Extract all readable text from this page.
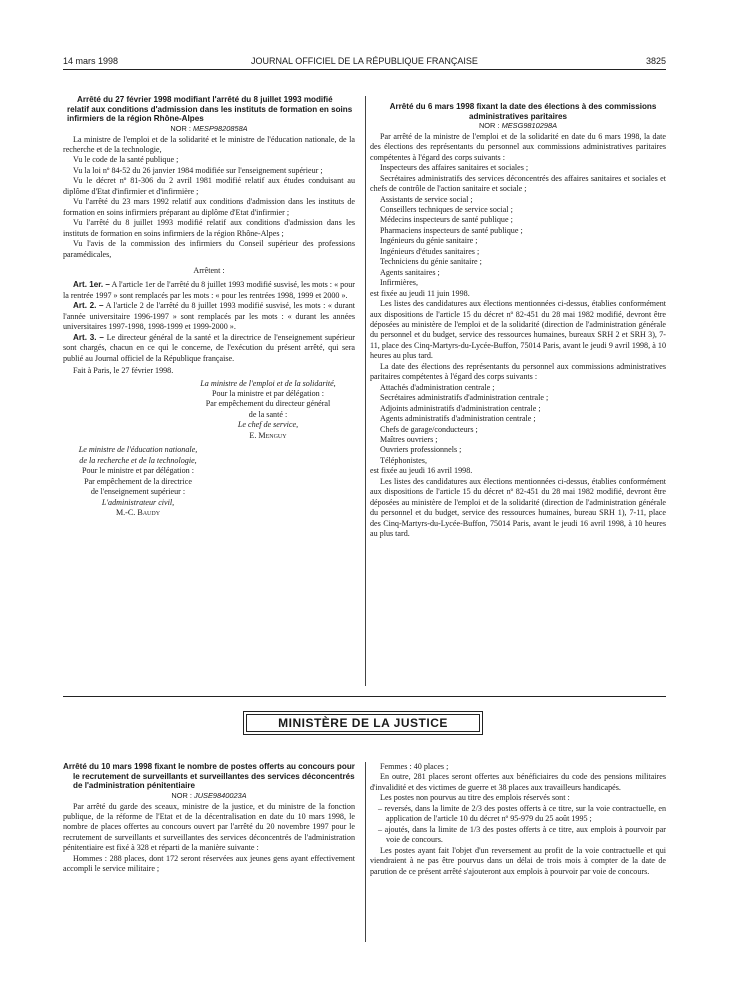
14 mars 1998	JOURNAL OFFICIEL DE LA RÉPUBLIQUE FRANÇAISE	3825

Arrêté du 27 février 1998 modifiant l'arrêté du 8 juillet 1993 modifié relatif aux conditions d'admission dans les instituts de formation en soins infirmiers de la région Rhône-Alpes

NOR : MESP9820858A

La ministre de l'emploi et de la solidarité et le ministre de l'éducation nationale, de la recherche et de la technologie,

Vu le code de la santé publique ;

Vu la loi nº 84-52 du 26 janvier 1984 modifiée sur l'enseignement supérieur ;

Vu le décret nº 81-306 du 2 avril 1981 modifié relatif aux études conduisant au diplôme d'Etat d'infirmier et d'infirmière ;

Vu l'arrêté du 23 mars 1992 relatif aux conditions d'admission dans les instituts de formation en soins infirmiers préparant au diplôme d'Etat d'infirmier ;

Vu l'arrêté du 8 juillet 1993 modifié relatif aux conditions d'admission dans les instituts de formation en soins infirmiers de la région Rhône-Alpes ;

Vu l'avis de la commission des infirmiers du Conseil supérieur des professions paramédicales,

Arrêtent :

Art. 1er. – A l'article 1er de l'arrêté du 8 juillet 1993 modifié susvisé, les mots : « pour la rentrée 1997 » sont remplacés par les mots : « pour les rentrées 1998, 1999 et 2000 ».

Art. 2. – A l'article 2 de l'arrêté du 8 juillet 1993 modifié susvisé, les mots : « durant l'année universitaire 1996-1997 » sont remplacés par les mots : « durant les années universitaires 1997-1998, 1998-1999 et 1999-2000 ».

Art. 3. – Le directeur général de la santé et la directrice de l'enseignement supérieur sont chargés, chacun en ce qui le concerne, de l'exécution du présent arrêté, qui sera publié au Journal officiel de la République française.

Fait à Paris, le 27 février 1998.

La ministre de l'emploi et de la solidarité,

Pour la ministre et par délégation :

Par empêchement du directeur général

de la santé :

Le chef de service,

E. Menguy

Le ministre de l'éducation nationale,

de la recherche et de la technologie,

Pour le ministre et par délégation :

Par empêchement de la directrice

de l'enseignement supérieur :

L'administrateur civil,

M.-C. Baudy

Arrêté du 6 mars 1998 fixant la date des élections à des commissions administratives paritaires

NOR : MESG9810298A

Par arrêté de la ministre de l'emploi et de la solidarité en date du 6 mars 1998, la date des élections des représentants du personnel aux commissions administratives paritaires compétentes à l'égard des corps suivants :

Inspecteurs des affaires sanitaires et sociales ;

Secrétaires administratifs des services déconcentrés des affaires sanitaires et sociales et chefs de contrôle de l'action sanitaire et sociale ;

Assistants de service social ;

Conseillers techniques de service social ;

Médecins inspecteurs de santé publique ;

Pharmaciens inspecteurs de santé publique ;

Ingénieurs du génie sanitaire ;

Ingénieurs d'études sanitaires ;

Techniciens du génie sanitaire ;

Agents sanitaires ;

Infirmières,

est fixée au jeudi 11 juin 1998.

Les listes des candidatures aux élections mentionnées ci-dessus, établies conformément aux dispositions de l'article 15 du décret nº 82-451 du 28 mai 1982 modifié, devront être déposées au ministère de l'emploi et de la solidarité (direction de l'administration générale du personnel et du budget, service des ressources humaines, bureaux SRH 2 et SRH 3), 7-11, place des Cinq-Martyrs-du-Lycée-Buffon, 75014 Paris, avant le jeudi 9 avril 1998, à 10 heures au plus tard.

La date des élections des représentants du personnel aux commissions administratives paritaires compétentes à l'égard des corps suivants :

Attachés d'administration centrale ;

Secrétaires administratifs d'administration centrale ;

Adjoints administratifs d'administration centrale ;

Agents administratifs d'administration centrale ;

Chefs de garage/conducteurs ;

Maîtres ouvriers ;

Ouvriers professionnels ;

Téléphonistes,

est fixée au jeudi 16 avril 1998.

Les listes des candidatures aux élections mentionnées ci-dessus, établies conformément aux dispositions de l'article 15 du décret nº 82-451 du 28 mai 1982 modifié, devront être déposées au ministère de l'emploi et de la solidarité (direction de l'administration générale du personnel et du budget, service des ressources humaines, bureau SRH 1), 7-11, place des Cinq-Martyrs-du-Lycée-Buffon, 75014 Paris, avant le jeudi 16 avril 1998, à 10 heures au plus tard.

MINISTÈRE DE LA JUSTICE

Arrêté du 10 mars 1998 fixant le nombre de postes offerts au concours pour le recrutement de surveillants et surveillantes des services déconcentrés de l'administration pénitentiaire

NOR : JUSE9840023A

Par arrêté du garde des sceaux, ministre de la justice, et du ministre de la fonction publique, de la réforme de l'Etat et de la décentralisation en date du 10 mars 1998, le nombre de places offertes au concours ouvert par l'arrêté du 20 novembre 1997 pour le recrutement de surveillants et surveillantes des services déconcentrés de l'administration pénitentiaire est fixé à 328 et réparti de la manière suivante :

Hommes : 288 places, dont 172 seront réservées aux jeunes gens ayant effectivement accompli le service militaire ;

Femmes : 40 places ;

En outre, 281 places seront offertes aux bénéficiaires du code des pensions militaires d'invalidité et des victimes de guerre et 38 places aux travailleurs handicapés.

Les postes non pourvus au titre des emplois réservés sont :

– reversés, dans la limite de 2/3 des postes offerts à ce titre, sur la voie contractuelle, en application de l'article 10 du décret nº 95-979 du 25 août 1995 ;

– ajoutés, dans la limite de 1/3 des postes offerts à ce titre, aux emplois à pourvoir par voie de concours.

Les postes ayant fait l'objet d'un reversement au profit de la voie contractuelle et qui viendraient à ne pas être pourvus dans un délai de trois mois à compter de la date de parution de ce présent arrêté s'ajouteront aux emplois à pourvoir par voie de concours.
